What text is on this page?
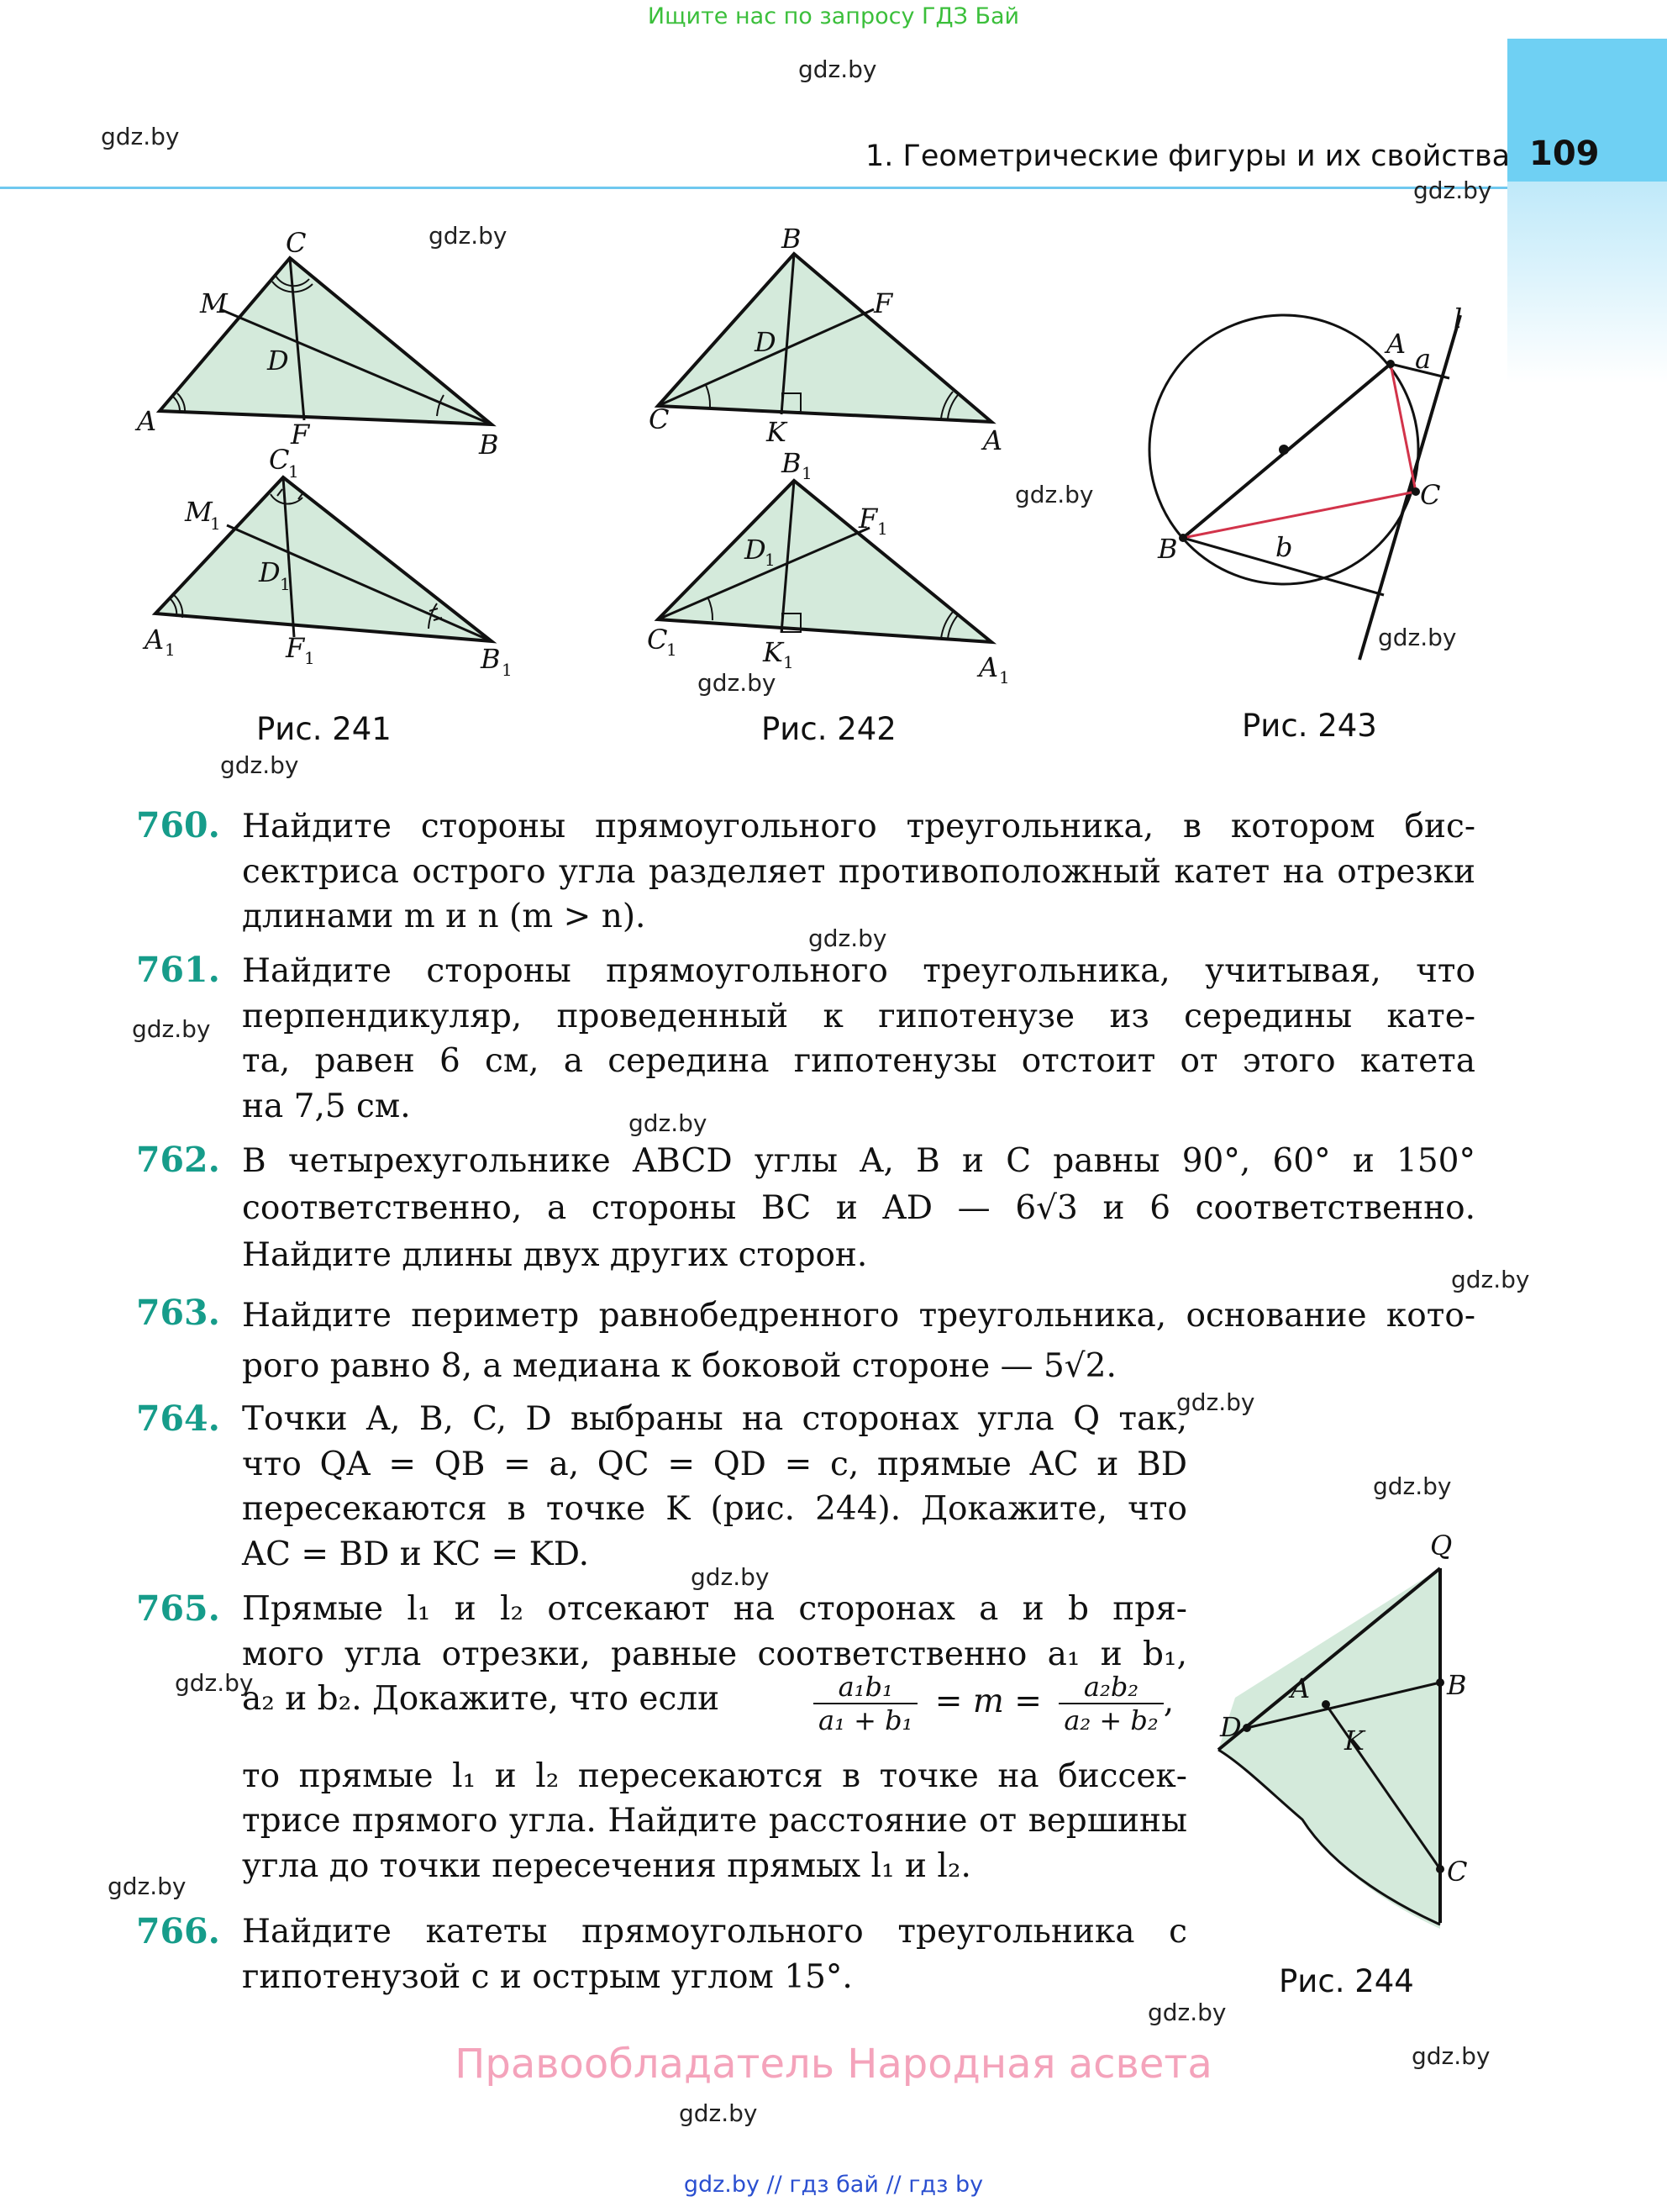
Ищите нас по запросу ГДЗ Бай
gdz.by
gdz.by	109
1. Геометрические фигуры и их свойства
gdz.by
C
M
D
A	F	B
C
1
M
1
D 1
A 1	F 1	B 1
B
F
D
C	K	A
B 1
F 1
D
1
C
1	K 1	A 1
l
A a
C
B	b
gdz.by
gdz.by
gdz.by
gdz.by
gdz.by
Рис. 241	Рис. 242	Рис. 243
760. Найдите стороны прямоугольного треугольника, в котором бис-
сектриса острого угла разделяет противоположный катет на отрезки
длинами m и n (m > n).
gdz.by
761.
gdz.by
Найдите стороны прямоугольного треугольника, учитывая, что
перпендикуляр, проведенный к гипотенузе из середины кате-
та, равен 6 см, а середина гипотенузы отстоит от этого катета
на 7,5 см.	gdz.by
762. В четырехугольнике ABCD углы A, B и C равны 90°, 60° и 150°
соответственно, а стороны BC и AD — 6√3 и 6 соответственно.
Найдите длины двух других сторон.
gdz.by
763. Найдите периметр равнобедренного треугольника, основание кото-
рого равно 8, а медиана к боковой стороне — 5√2.
gdz.by
gdz.by
764. Точки A, B, C, D выбраны на сторонах угла Q так,
что QA = QB = a, QC = QD = c, прямые AC и BD
пересекаются в точке K (рис. 244). Докажите, что
AC = BD и KC = KD.
gdz.by
765.
gdz.by
Прямые l₁ и l₂ отсекают на сторонах a и b пря-
мого угла отрезки, равные соответственно a₁ и b₁,
a₂ и b₂. Докажите, что если	$\frac{\text{a₁b₁}}{\text{a₁ + b₁}} = m = \frac{\text{a₂b₂}}{\text{a₂ + b₂}}$ ,
то прямые l₁ и l₂ пересекаются в точке на биссек-
трисе прямого угла. Найдите расстояние от вершины
угла до точки пересечения прямых l₁ и l₂.
gdz.by
766. Найдите катеты прямоугольного треугольника с
гипотенузой c и острым углом 15°.
Q
A	B
K
D
C
Рис. 244
gdz.by
Правообладатель Народная асвета	gdz.by
gdz.by
gdz.by // гдз бай // гдз by
